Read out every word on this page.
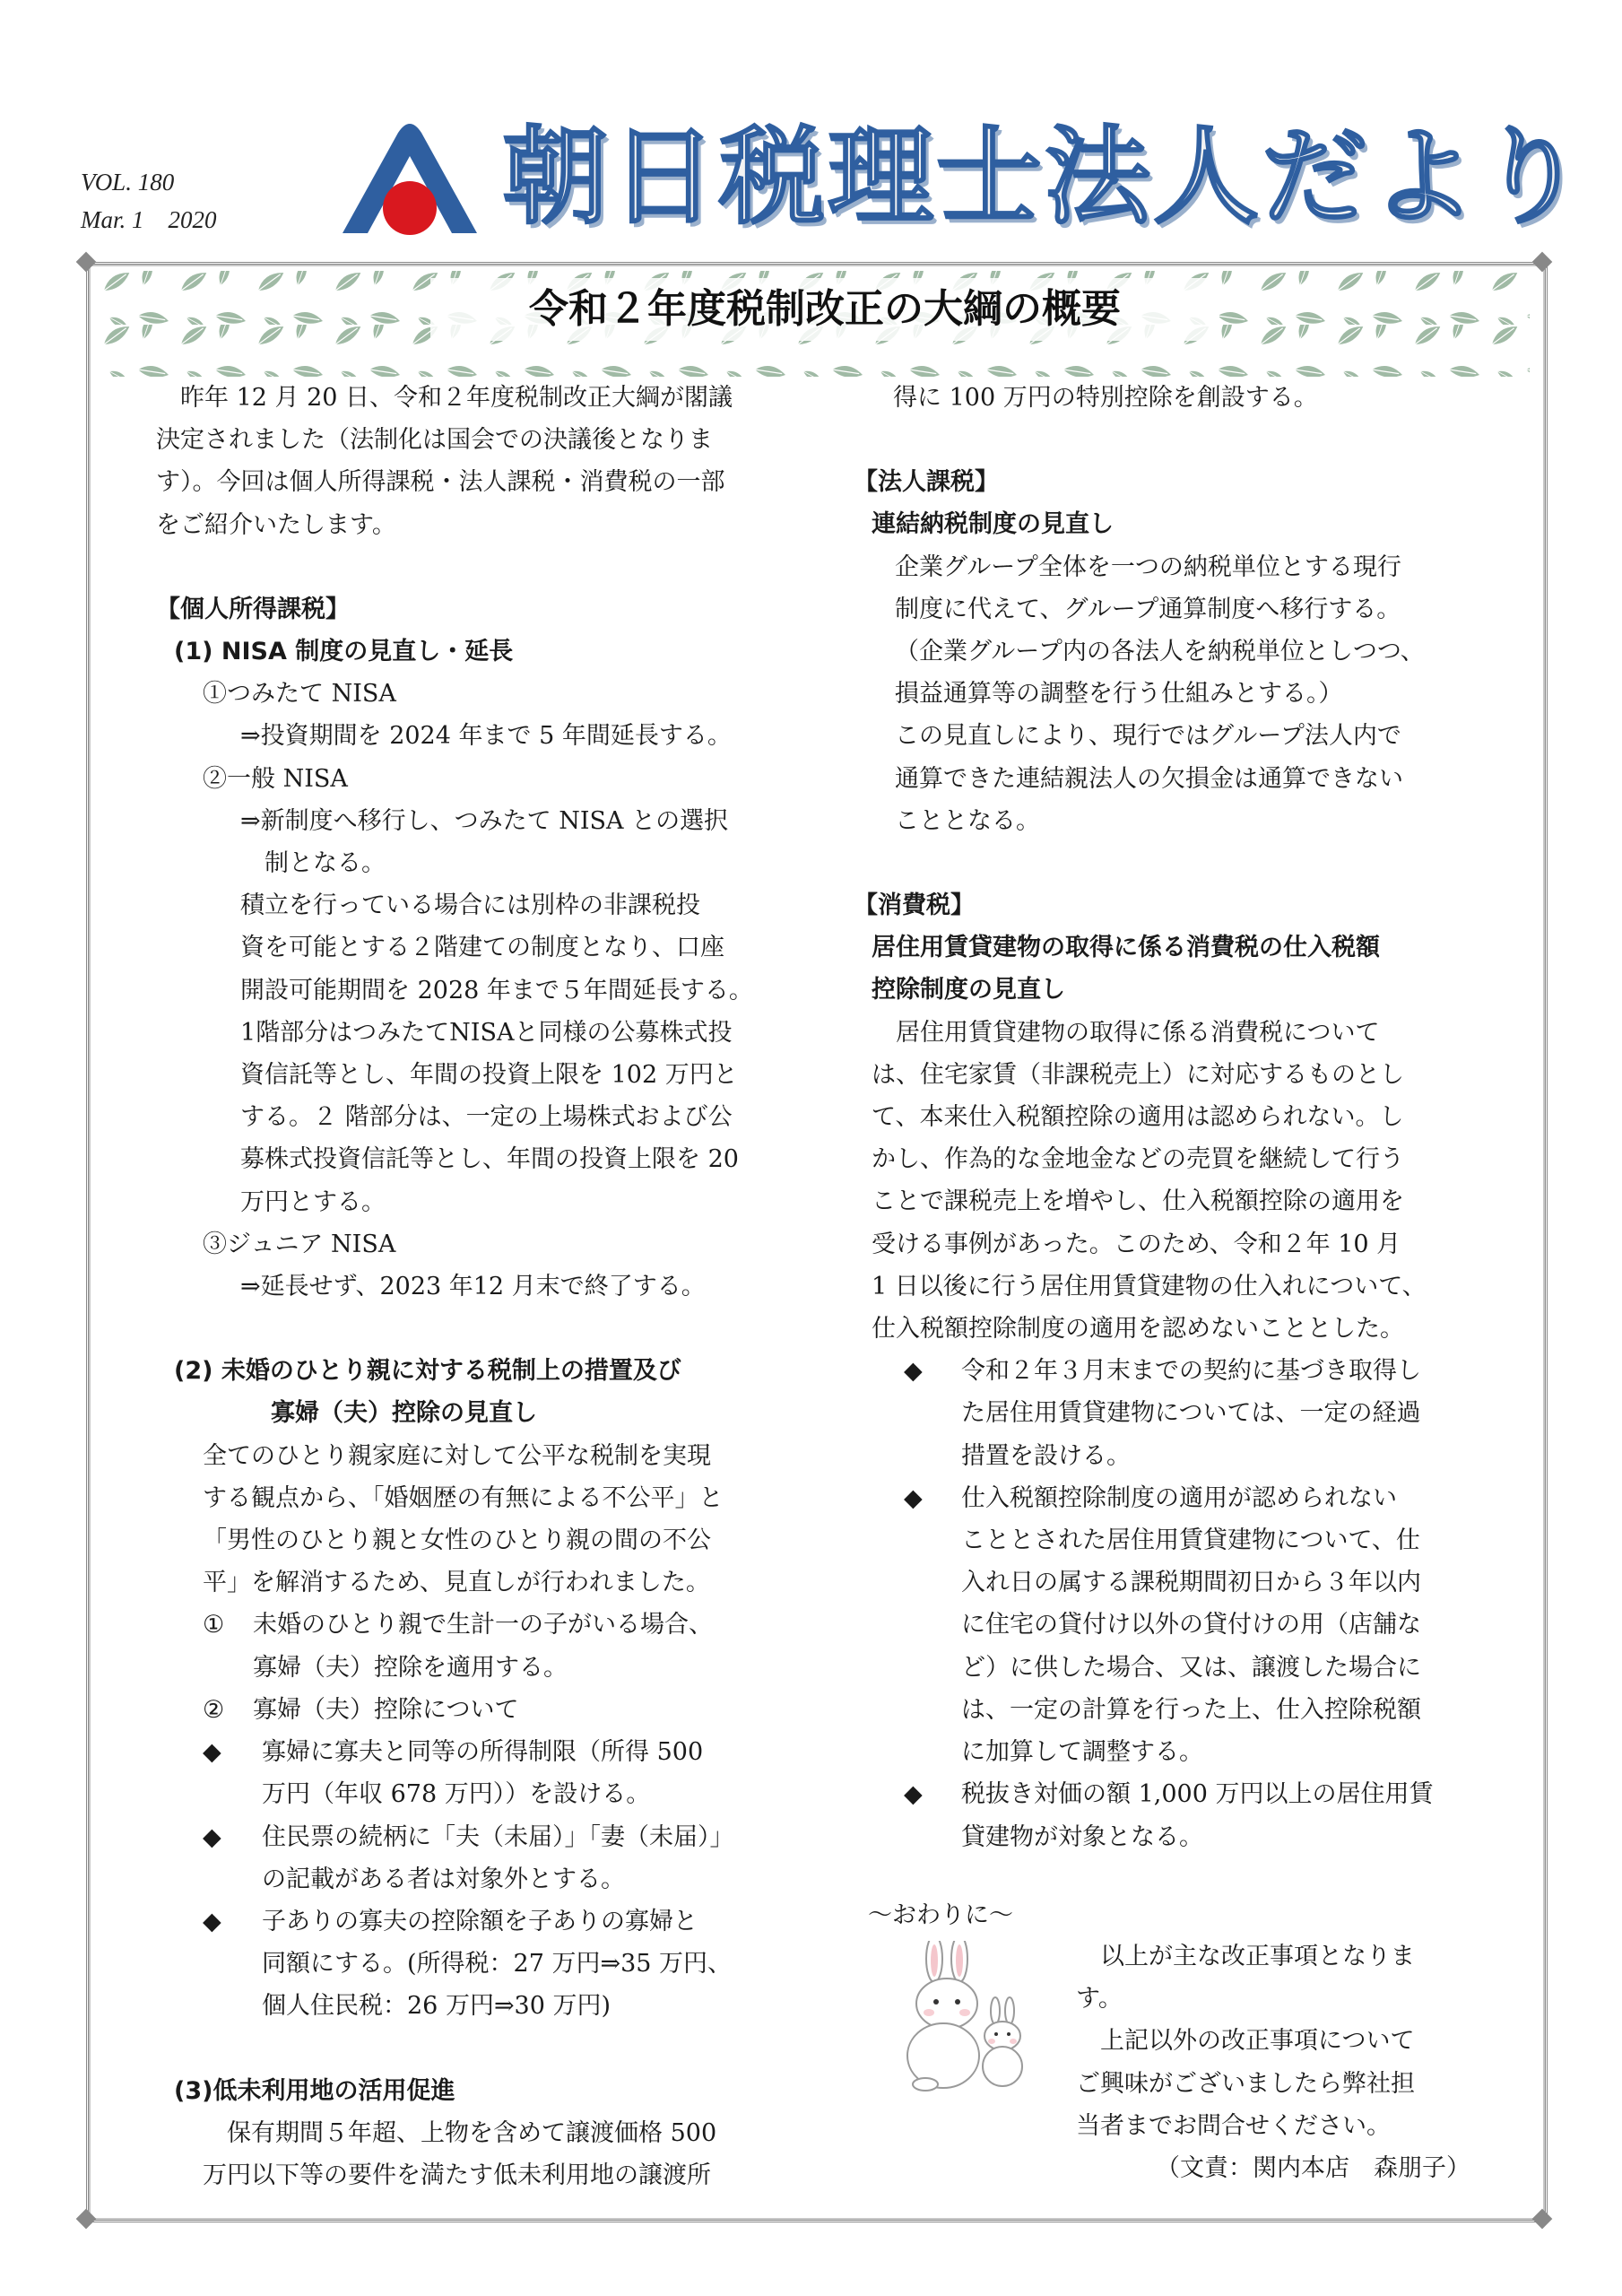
VOL. 180
Mar. 1　2020	朝日税理士法人だより
令和２年度税制改正の大綱の概要

　昨年 12 月 20 日、令和２年度税制改正大綱が閣議

決定されました（法制化は国会での決議後となりま

す）。今回は個人所得課税・法人課税・消費税の一部

をご紹介いたします。

【個人所得課税】

(1) NISA 制度の見直し・延長

①つみたて NISA

⇒投資期間を 2024 年まで 5 年間延長する。

②一般 NISA

⇒新制度へ移行し、つみたて NISA との選択

　制となる。

積立を行っている場合には別枠の非課税投

資を可能とする２階建ての制度となり、口座

開設可能期間を 2028 年まで５年間延長する。

1階部分はつみたてNISAと同様の公募株式投

資信託等とし、年間の投資上限を 102 万円と

する。２ 階部分は、一定の上場株式および公

募株式投資信託等とし、年間の投資上限を 20

万円とする。

③ジュニア NISA

⇒延長せず、2023 年12 月末で終了する。

(2) 未婚のひとり親に対する税制上の措置及び

寡婦（夫）控除の見直し

全てのひとり親家庭に対して公平な税制を実現

する観点から、「婚姻歴の有無による不公平」と

「男性のひとり親と女性のひとり親の間の不公

平」を解消するため、見直しが行われました。

①	未婚のひとり親で生計一の子がいる場合、

寡婦（夫）控除を適用する。

②	寡婦（夫）控除について

◆	寡婦に寡夫と同等の所得制限（所得 500

万円（年収 678 万円））を設ける。

◆	住民票の続柄に「夫（未届）」「妻（未届）」

の記載がある者は対象外とする。

◆	子ありの寡夫の控除額を子ありの寡婦と

同額にする。(所得税：27 万円⇒35 万円、

個人住民税：26 万円⇒30 万円)

(3)低未利用地の活用促進

　保有期間５年超、上物を含めて譲渡価格 500

万円以下等の要件を満たす低未利用地の譲渡所

得に 100 万円の特別控除を創設する。

【法人課税】

連結納税制度の見直し

企業グループ全体を一つの納税単位とする現行

制度に代えて、グループ通算制度へ移行する。

（企業グループ内の各法人を納税単位としつつ、

損益通算等の調整を行う仕組みとする。）

この見直しにより、現行ではグループ法人内で

通算できた連結親法人の欠損金は通算できない

こととなる。

【消費税】

居住用賃貸建物の取得に係る消費税の仕入税額

控除制度の見直し

　居住用賃貸建物の取得に係る消費税について

は、住宅家賃（非課税売上）に対応するものとし

て、本来仕入税額控除の適用は認められない。し

かし、作為的な金地金などの売買を継続して行う

ことで課税売上を増やし、仕入税額控除の適用を

受ける事例があった。このため、令和２年 10 月

1 日以後に行う居住用賃貸建物の仕入れについて、

仕入税額控除制度の適用を認めないこととした。

◆	令和２年３月末までの契約に基づき取得し

た居住用賃貸建物については、一定の経過

措置を設ける。

◆	仕入税額控除制度の適用が認められない

こととされた居住用賃貸建物について、仕

入れ日の属する課税期間初日から３年以内

に住宅の貸付け以外の貸付けの用（店舗な

ど）に供した場合、又は、譲渡した場合に

は、一定の計算を行った上、仕入控除税額

に加算して調整する。

◆	税抜き対価の額 1,000 万円以上の居住用賃

貸建物が対象となる。

～おわりに～

　以上が主な改正事項となりま

す。

　上記以外の改正事項について

ご興味がございましたら弊社担

当者までお問合せください。

　（文責：関内本店　森朋子）
